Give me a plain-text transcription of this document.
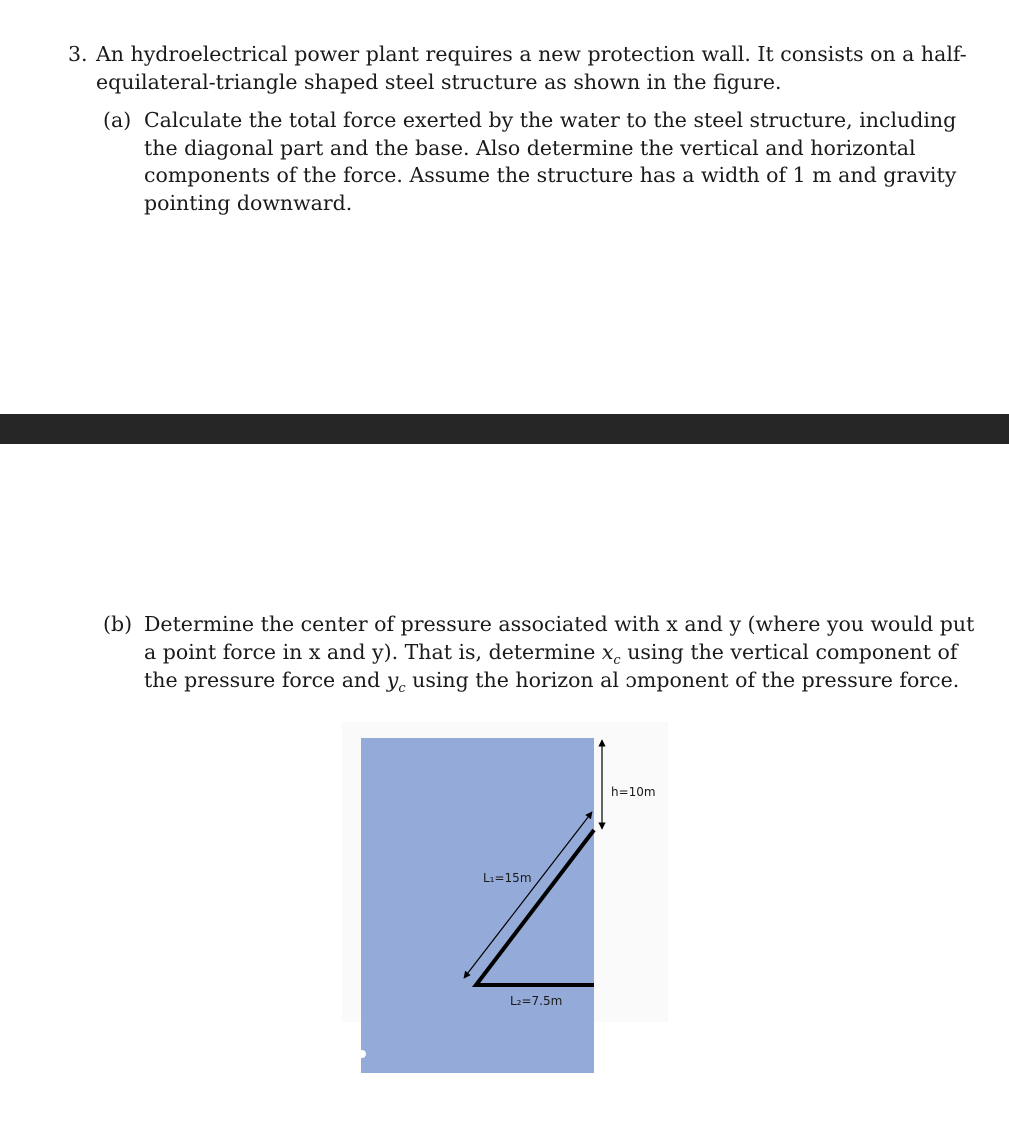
3. An hydroelectrical power plant requires a new protection wall. It consists on a half-
equilateral-triangle shaped steel structure as shown in the figure.
(a) Calculate the total force exerted by the water to the steel structure, including
the diagonal part and the base. Also determine the vertical and horizontal
components of the force. Assume the structure has a width of 1 m and gravity
pointing downward.
(b) Determine the center of pressure associated with x and y (where you would put
a point force in x and y). That is, determine $x_c$ using the vertical component of
the pressure force and $y_c$ using the horizon al ɔmponent of the pressure force.
h=10m
L₁=15m
L₂=7.5m
